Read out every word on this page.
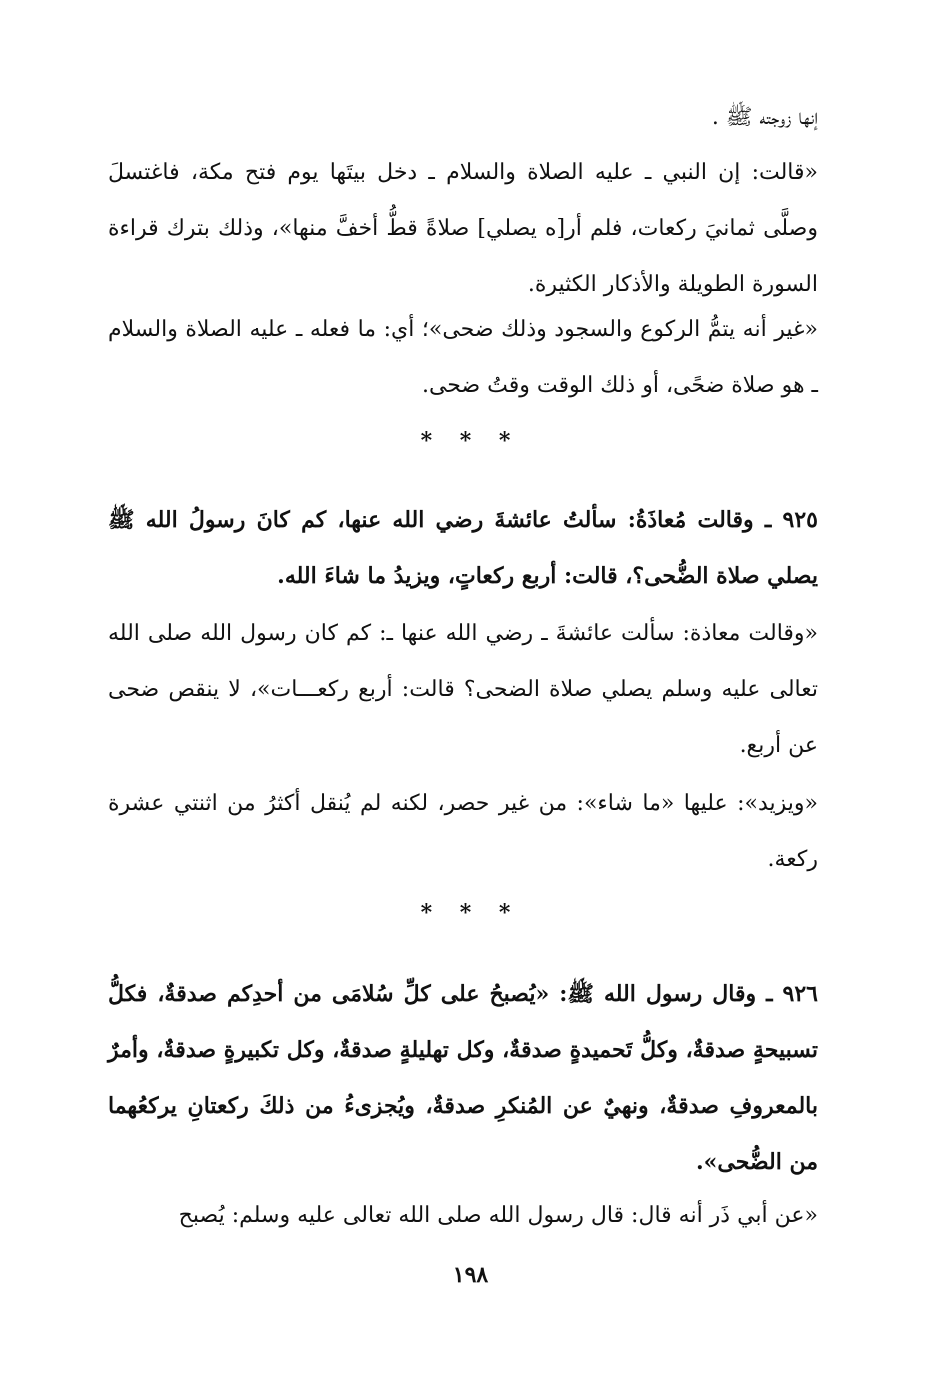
إنها زوجته ﷺ .
«قالت: إن النبي ـ عليه الصلاة والسلام ـ دخل بيتَها يوم فتح مكة، فاغتسلَ وصلَّى ثمانيَ ركعات، فلم أر[ه يصلي] صلاةً قطُّ أخفَّ منها»، وذلك بترك قراءة السورة الطويلة والأذكار الكثيرة.
«غير أنه يتمُّ الركوع والسجود وذلك ضحى»؛ أي: ما فعله ـ عليه الصلاة والسلام ـ هو صلاة ضحًى، أو ذلك الوقت وقتُ ضحى.
* * *
٩٢٥ ـ وقالت مُعاذَةُ: سألتُ عائشةَ رضي الله عنها، كم كانَ رسولُ الله ﷺ يصلي صلاة الضُّحى؟، قالت: أربع ركعاتٍ، ويزيدُ ما شاءَ الله.
«وقالت معاذة: سألت عائشةَ ـ رضي الله عنها ـ: كم كان رسول الله صلى الله تعالى عليه وسلم يصلي صلاة الضحى؟ قالت: أربع ركعـــات»، لا ينقص ضحى عن أربع.
«ويزيد»: عليها «ما شاء»: من غير حصر، لكنه لم يُنقل أكثرُ من اثنتي عشرة ركعة.
* * *
٩٢٦ ـ وقال رسول الله ﷺ: «يُصبحُ على كلِّ سُلامَى من أحدِكم صدقةٌ، فكلُّ تسبيحةٍ صدقةٌ، وكلُّ تَحميدةٍ صدقةٌ، وكل تهليلةٍ صدقةٌ، وكل تكبيرةٍ صدقةٌ، وأمرٌ بالمعروفِ صدقةٌ، ونهيٌ عن المُنكرِ صدقةٌ، ويُجزىءُ من ذلكَ ركعتانِ يركعُهما من الضُّحى».
«عن أبي ذَر أنه قال: قال رسول الله صلى الله تعالى عليه وسلم: يُصبح
١٩٨
